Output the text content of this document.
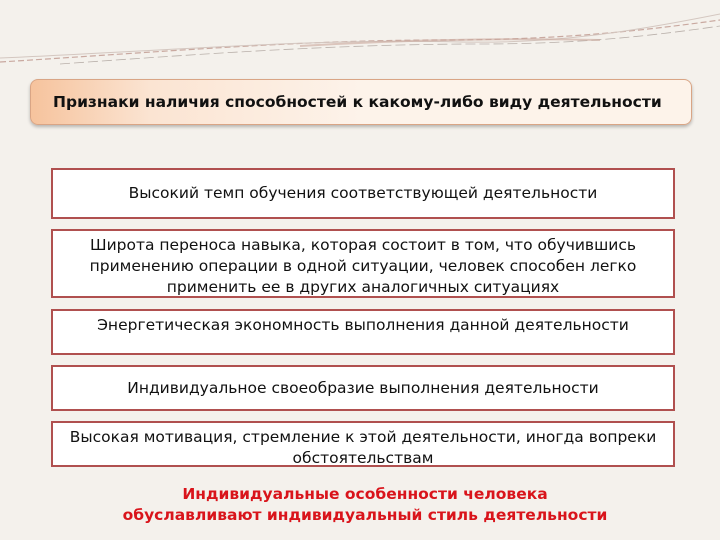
Признаки наличия способностей к какому-либо виду деятельности
Высокий темп обучения соответствующей деятельности
Широта переноса навыка, которая состоит в том, что обучившись применению операции в одной ситуации, человек способен легко применить ее в других аналогичных ситуациях
Энергетическая экономность выполнения данной деятельности
Индивидуальное своеобразие выполнения деятельности
Высокая мотивация, стремление к этой деятельности, иногда вопреки обстоятельствам
Индивидуальные особенности человека обуславливают индивидуальный стиль деятельности
